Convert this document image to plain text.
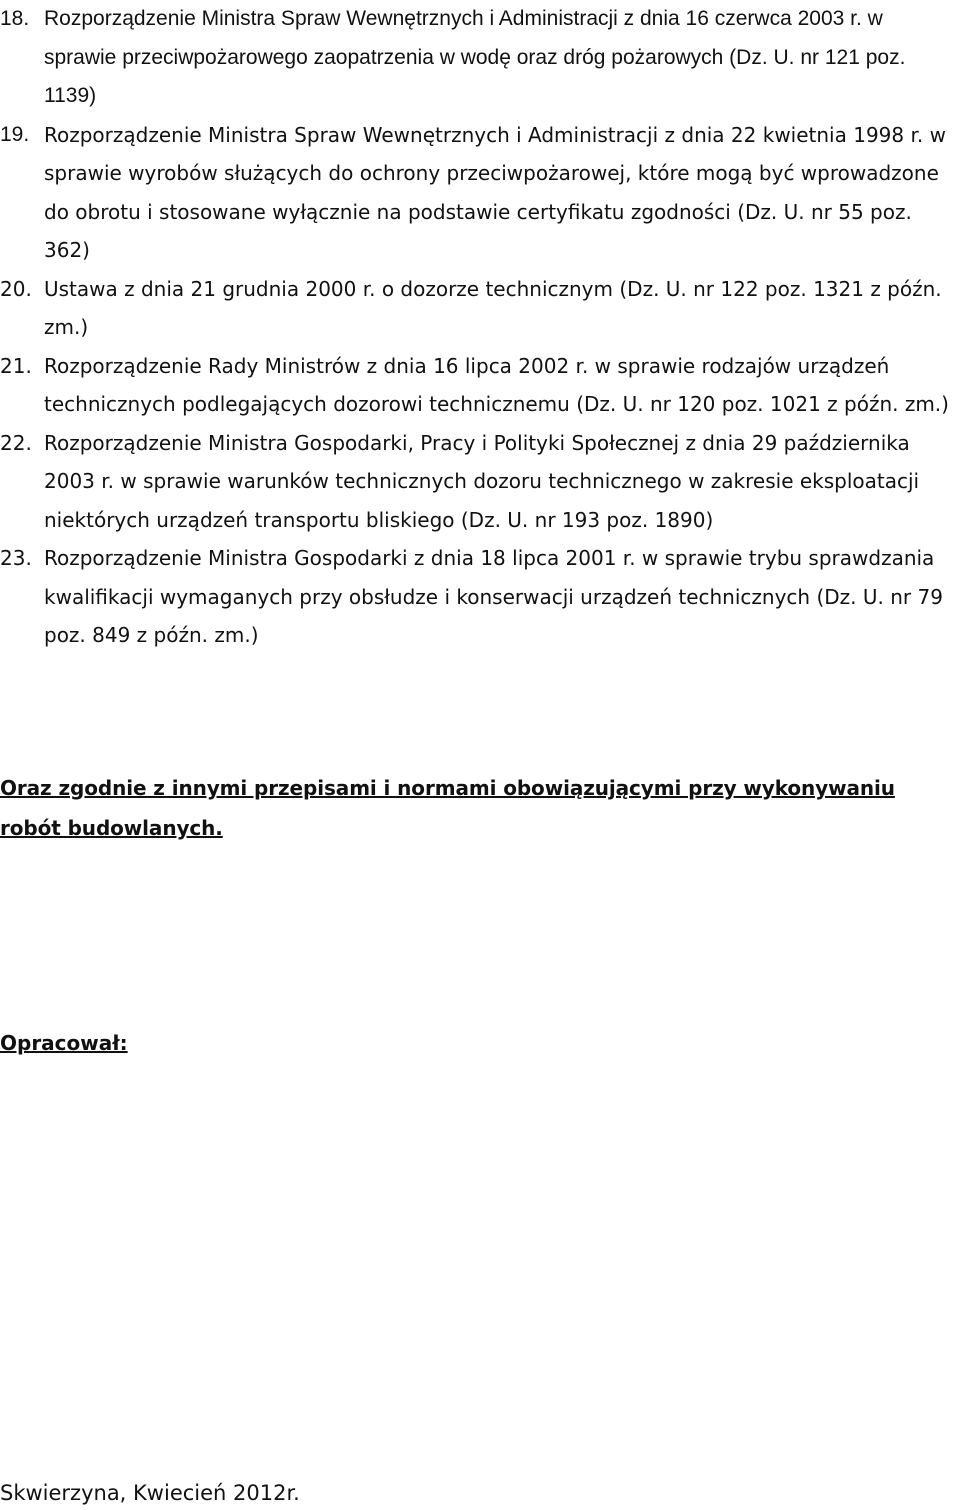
18. Rozporządzenie Ministra Spraw Wewnętrznych i Administracji z dnia 16 czerwca 2003 r. w sprawie przeciwpożarowego zaopatrzenia w wodę oraz dróg pożarowych (Dz. U. nr 121 poz. 1139)
19. Rozporządzenie Ministra Spraw Wewnętrznych i Administracji z dnia 22 kwietnia 1998 r. w sprawie wyrobów służących do ochrony przeciwpożarowej, które mogą być wprowadzone do obrotu i stosowane wyłącznie na podstawie certyfikatu zgodności (Dz. U. nr 55 poz. 362)
20. Ustawa z dnia 21 grudnia 2000 r. o dozorze technicznym (Dz. U. nr 122 poz. 1321 z późn. zm.)
21. Rozporządzenie Rady Ministrów z dnia 16 lipca 2002 r. w sprawie rodzajów urządzeń technicznych podlegających dozorowi technicznemu (Dz. U. nr 120 poz. 1021 z późn. zm.)
22. Rozporządzenie Ministra Gospodarki, Pracy i Polityki Społecznej z dnia 29 października 2003 r. w sprawie warunków technicznych dozoru technicznego w zakresie eksploatacji niektórych urządzeń transportu bliskiego (Dz. U. nr 193 poz. 1890)
23. Rozporządzenie Ministra Gospodarki z dnia 18 lipca 2001 r. w sprawie trybu sprawdzania kwalifikacji wymaganych przy obsłudze i konserwacji urządzeń technicznych (Dz. U. nr 79 poz. 849 z późn. zm.)

Oraz zgodnie z innymi przepisami i normami obowiązującymi przy wykonywaniu
robót budowlanych.

Opracował:

Skwierzyna, Kwiecień 2012r.
